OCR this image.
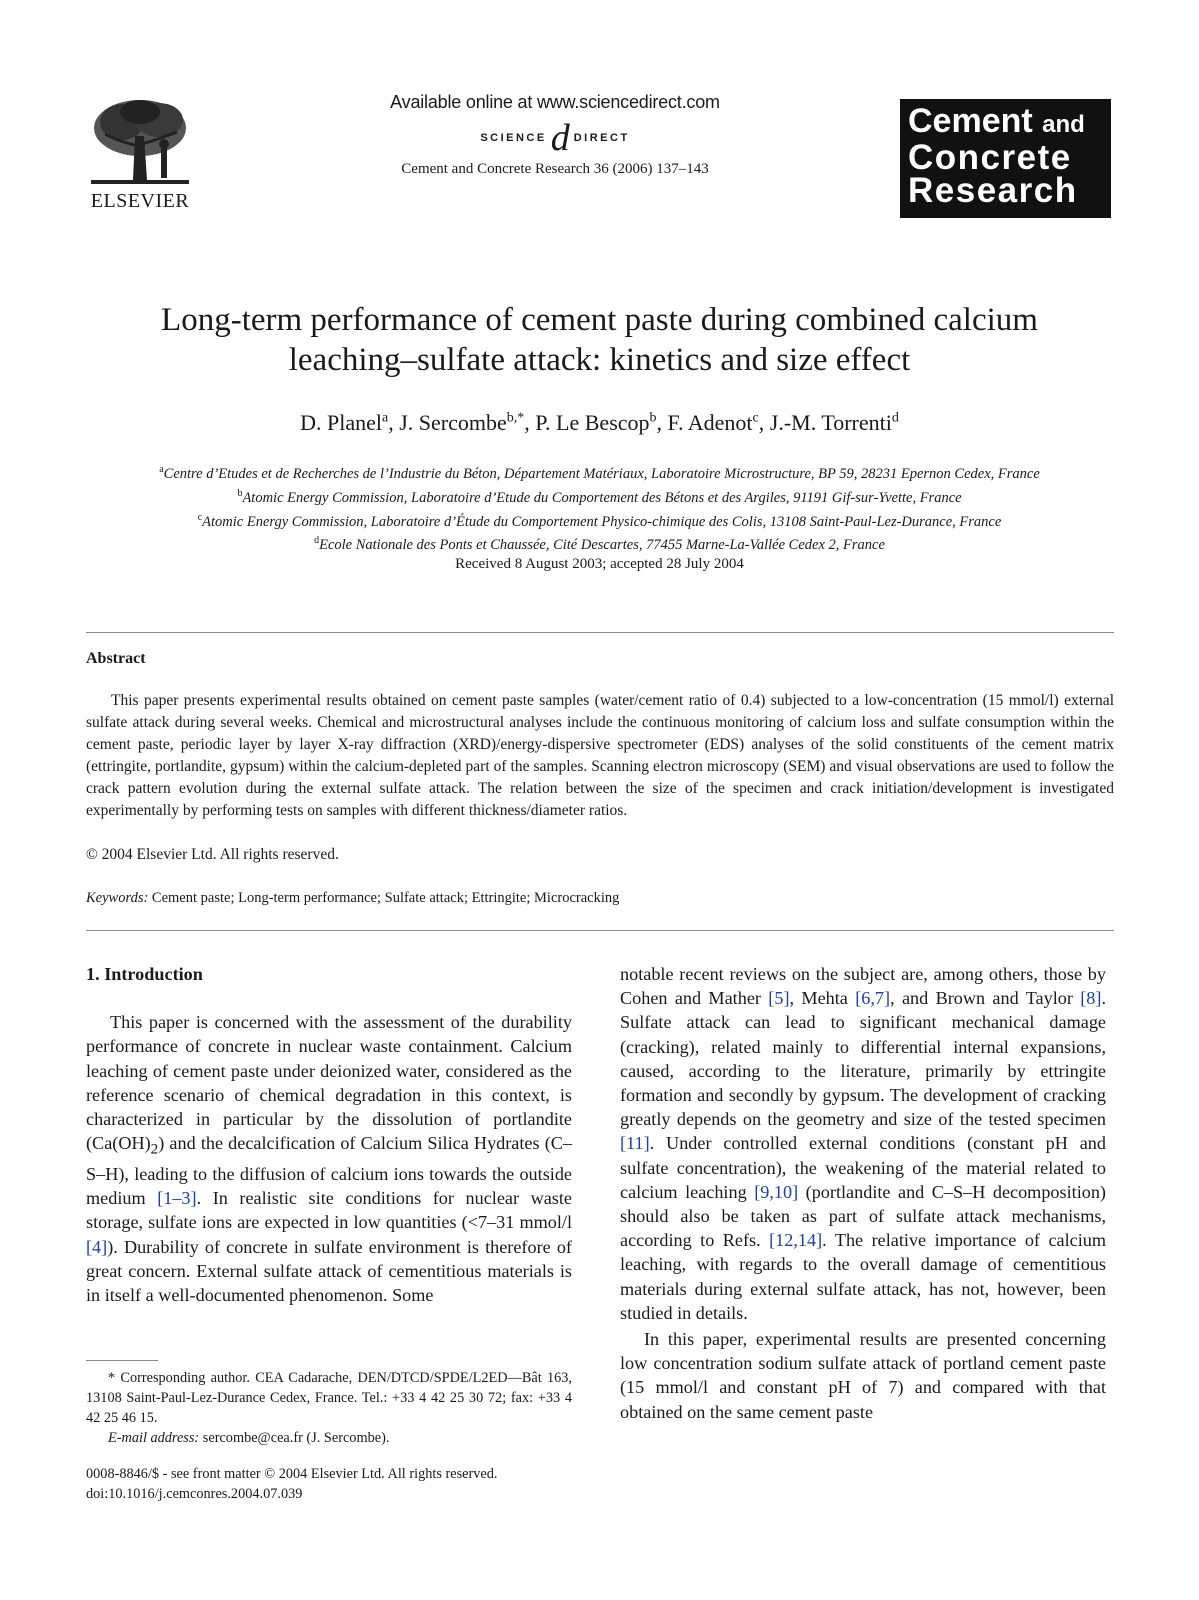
ELSEVIER
Available online at www.sciencedirect.com
SCIENCE d DIRECT
Cement and Concrete Research 36 (2006) 137–143
Cement and
Concrete
Research
Long-term performance of cement paste during combined calcium
leaching–sulfate attack: kinetics and size effect
D. Planel$^a$, J. Sercombe$^{b,*}$, P. Le Bescop$^b$, F. Adenot$^c$, J.-M. Torrenti$^d$
$^a$Centre d’Etudes et de Recherches de l’Industrie du Béton, Département Matériaux, Laboratoire Microstructure, BP 59, 28231 Epernon Cedex, France
$^b$Atomic Energy Commission, Laboratoire d’Etude du Comportement des Bétons et des Argiles, 91191 Gif-sur-Yvette, France
$^c$Atomic Energy Commission, Laboratoire d’Étude du Comportement Physico-chimique des Colis, 13108 Saint-Paul-Lez-Durance, France
$^d$Ecole Nationale des Ponts et Chaussée, Cité Descartes, 77455 Marne-La-Vallée Cedex 2, France
Received 8 August 2003; accepted 28 July 2004
Abstract
This paper presents experimental results obtained on cement paste samples (water/cement ratio of 0.4) subjected to a low-concentration (15 mmol/l) external sulfate attack during several weeks. Chemical and microstructural analyses include the continuous monitoring of calcium loss and sulfate consumption within the cement paste, periodic layer by layer X-ray diffraction (XRD)/energy-dispersive spectrometer (EDS) analyses of the solid constituents of the cement matrix (ettringite, portlandite, gypsum) within the calcium-depleted part of the samples. Scanning electron microscopy (SEM) and visual observations are used to follow the crack pattern evolution during the external sulfate attack. The relation between the size of the specimen and crack initiation/development is investigated experimentally by performing tests on samples with different thickness/diameter ratios.
© 2004 Elsevier Ltd. All rights reserved.
Keywords: Cement paste; Long-term performance; Sulfate attack; Ettringite; Microcracking
1. Introduction

This paper is concerned with the assessment of the durability performance of concrete in nuclear waste containment. Calcium leaching of cement paste under deionized water, considered as the reference scenario of chemical degradation in this context, is characterized in particular by the dissolution of portlandite $(Ca(OH)_2)$ and the decalcification of Calcium Silica Hydrates (C–S–H), leading to the diffusion of calcium ions towards the outside medium [1–3]. In realistic site conditions for nuclear waste storage, sulfate ions are expected in low quantities (<7–31 mmol/l [4]). Durability of concrete in sulfate environment is therefore of great concern. External sulfate attack of cementitious materials is in itself a well-documented phenomenon. Some

notable recent reviews on the subject are, among others, those by Cohen and Mather [5], Mehta [6,7], and Brown and Taylor [8]. Sulfate attack can lead to significant mechanical damage (cracking), related mainly to differential internal expansions, caused, according to the literature, primarily by ettringite formation and secondly by gypsum. The development of cracking greatly depends on the geometry and size of the tested specimen [11]. Under controlled external conditions (constant pH and sulfate concentration), the weakening of the material related to calcium leaching [9,10] (portlandite and C–S–H decomposition) should also be taken as part of sulfate attack mechanisms, according to Refs. [12,14]. The relative importance of calcium leaching, with regards to the overall damage of cementitious materials during external sulfate attack, has not, however, been studied in details.

In this paper, experimental results are presented concerning low concentration sodium sulfate attack of portland cement paste (15 mmol/l and constant pH of 7) and compared with that obtained on the same cement paste

* Corresponding author. CEA Cadarache, DEN/DTCD/SPDE/L2ED—Bât 163, 13108 Saint-Paul-Lez-Durance Cedex, France. Tel.: +33 4 42 25 30 72; fax: +33 4 42 25 46 15.
E-mail address: sercombe@cea.fr (J. Sercombe).
0008-8846/$ - see front matter © 2004 Elsevier Ltd. All rights reserved.
doi:10.1016/j.cemconres.2004.07.039
